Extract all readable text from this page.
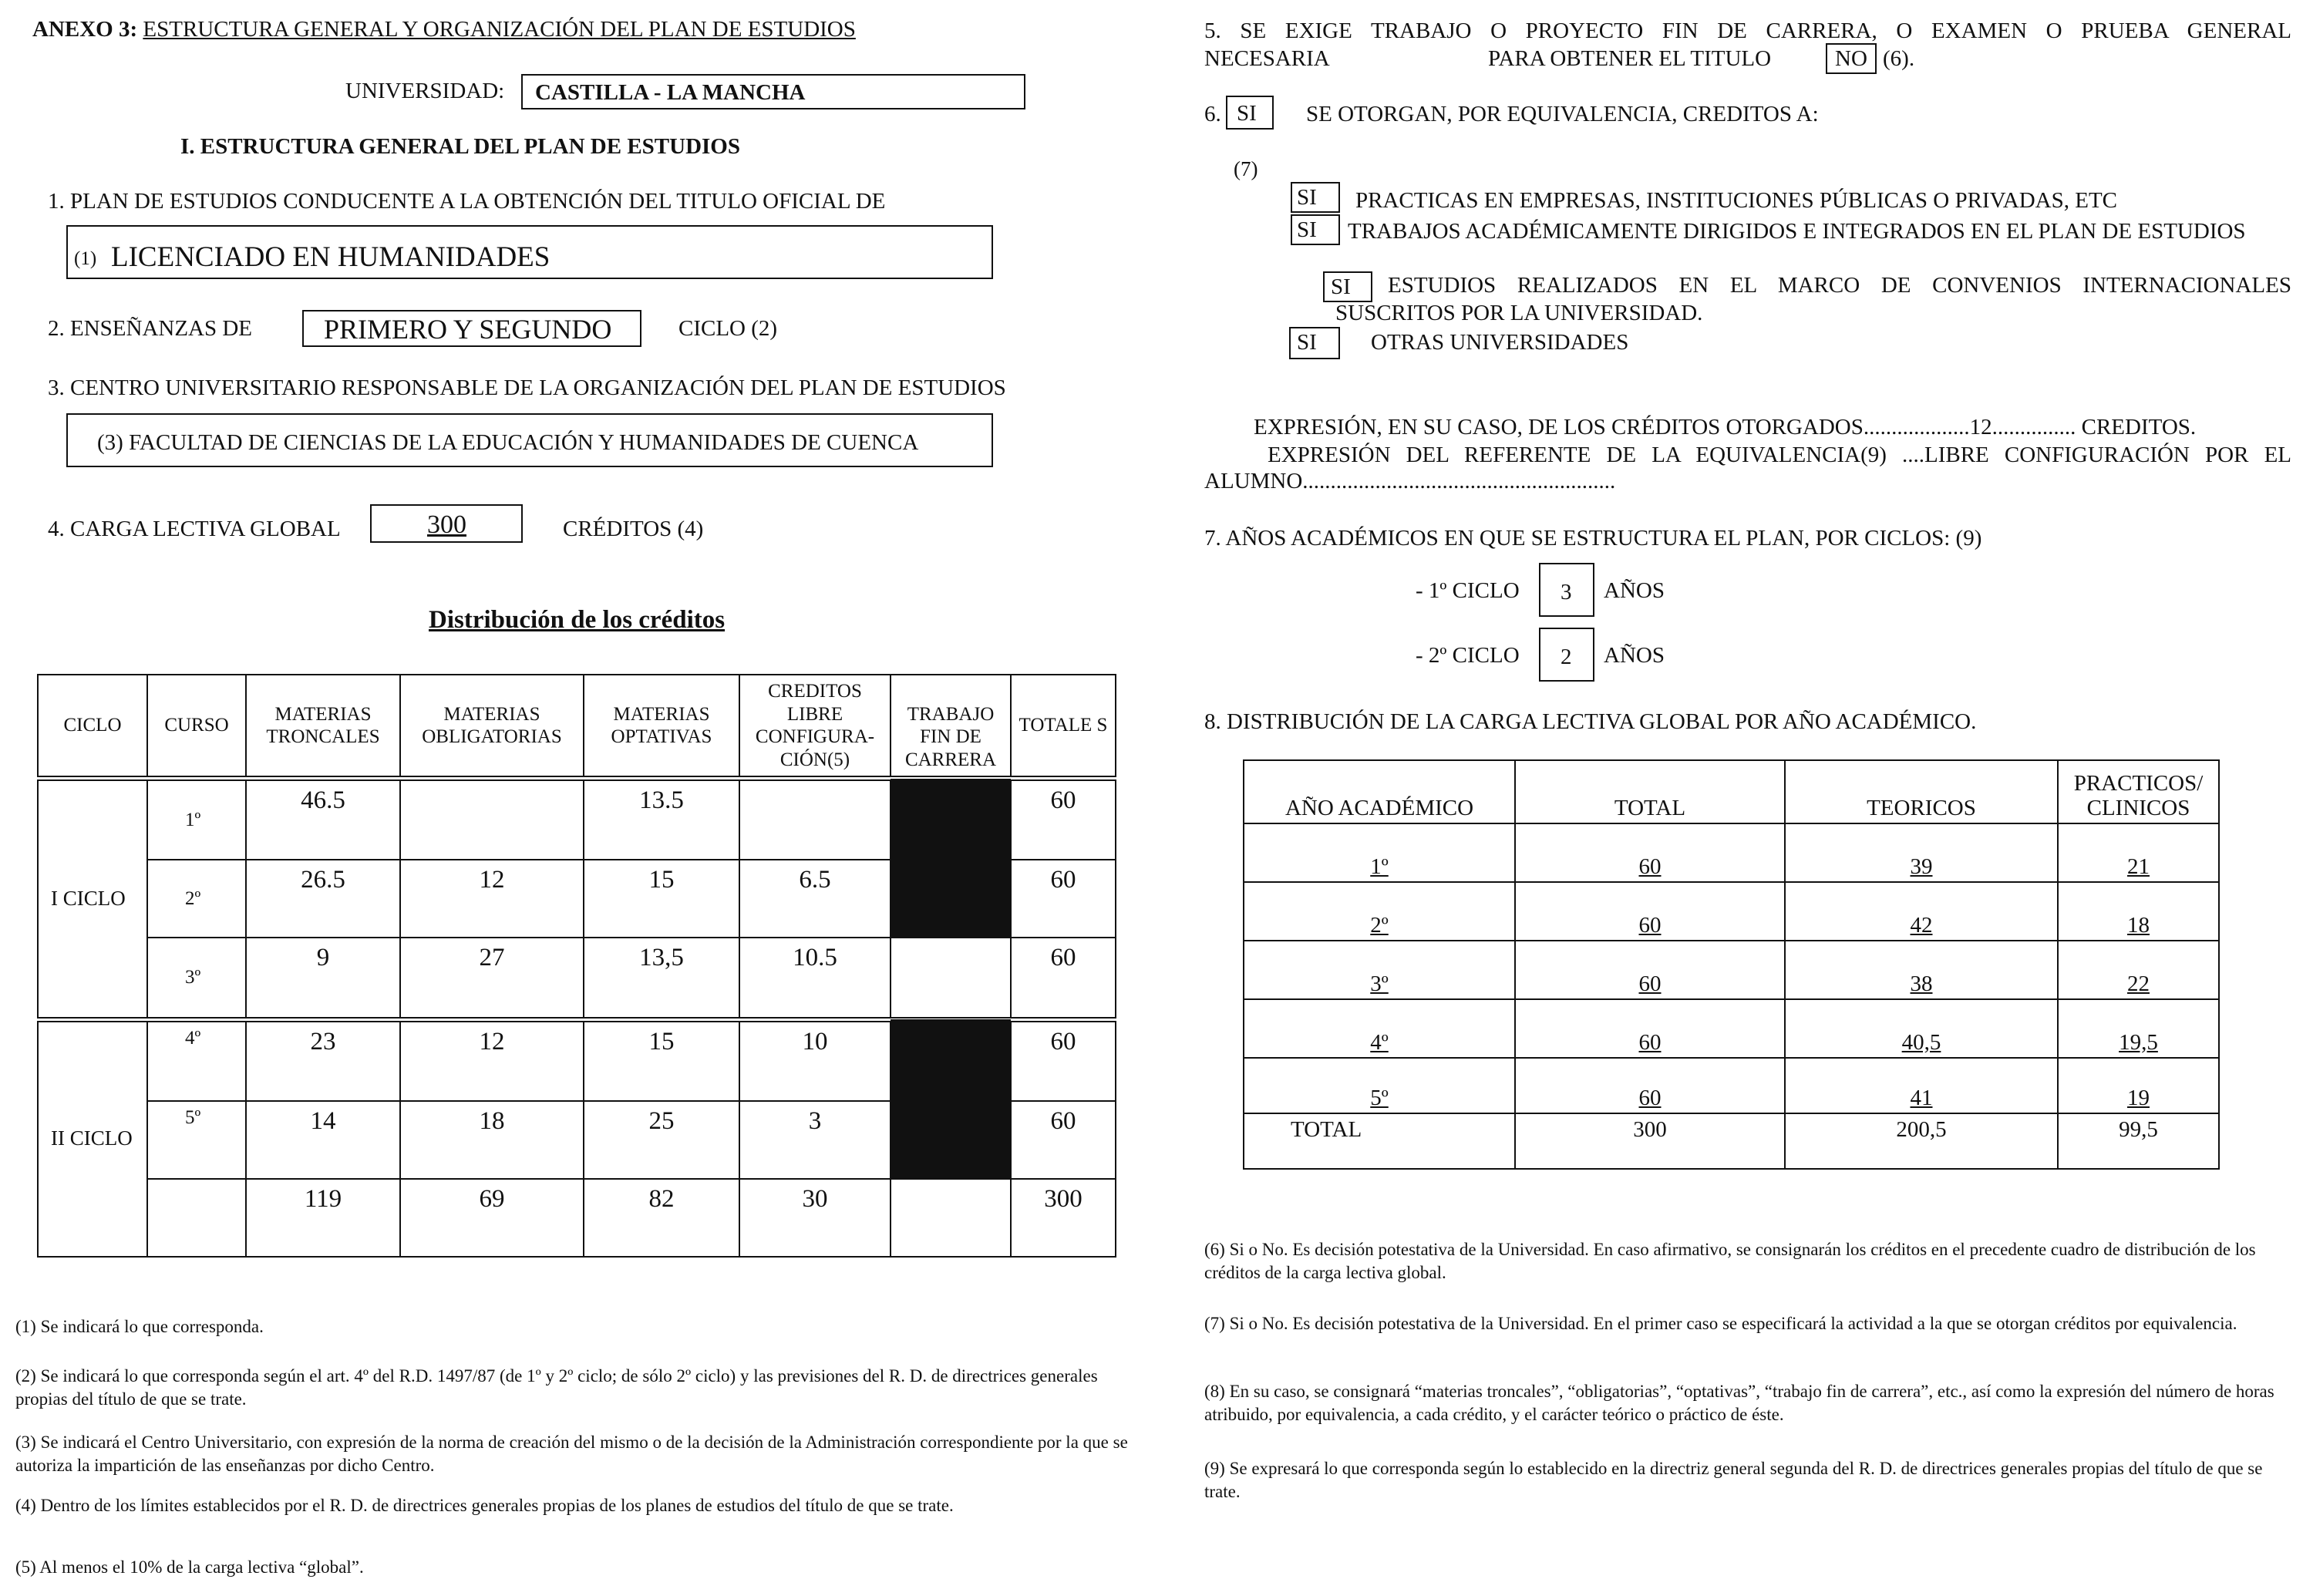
ANEXO 3: ESTRUCTURA GENERAL Y ORGANIZACIÓN DEL PLAN DE ESTUDIOS
UNIVERSIDAD: CASTILLA - LA MANCHA
I. ESTRUCTURA GENERAL DEL PLAN DE ESTUDIOS
1. PLAN DE ESTUDIOS CONDUCENTE A LA OBTENCIÓN DEL TITULO OFICIAL DE
(1) LICENCIADO EN HUMANIDADES
2. ENSEÑANZAS DE	PRIMERO Y SEGUNDO	CICLO (2)
3. CENTRO UNIVERSITARIO RESPONSABLE DE LA ORGANIZACIÓN DEL PLAN DE ESTUDIOS
(3) FACULTAD DE CIENCIAS DE LA EDUCACIÓN Y HUMANIDADES DE CUENCA
4. CARGA LECTIVA GLOBAL	300	CRÉDITOS (4)
Distribución de los créditos
CICLO	CURSO	MATERIAS TRONCALES	MATERIAS OBLIGATORIAS	MATERIAS OPTATIVAS	CREDITOS LIBRE CONFIGURA-CIÓN(5)	TRABAJO FIN DE CARRERA	TOTALE S
I CICLO	1º	46.5		13.5			60
	2º	26.5	12	15	6.5		60
	3º	9	27	13,5	10.5		60
II CICLO	4º	23	12	15	10		60
	5º	14	18	25	3		60
		119	69	82	30		300
(1) Se indicará lo que corresponda.
(2) Se indicará lo que corresponda según el art. 4º del R.D. 1497/87 (de 1º y 2º ciclo; de sólo 2º ciclo) y las previsiones del R. D. de directrices generales propias del título de que se trate.
(3) Se indicará el Centro Universitario, con expresión de la norma de creación del mismo o de la decisión de la Administración correspondiente por la que se autoriza la impartición de las enseñanzas por dicho Centro.
(4) Dentro de los límites establecidos por el R. D. de directrices generales propias de los planes de estudios del título de que se trate.
(5) Al menos el 10% de la carga lectiva “global”.
5. SE EXIGE TRABAJO O PROYECTO FIN DE CARRERA, O EXAMEN O PRUEBA GENERAL
NECESARIA	PARA OBTENER EL TITULO	NO (6).
6. SI SE OTORGAN, POR EQUIVALENCIA, CREDITOS A:
(7)
SI PRACTICAS EN EMPRESAS, INSTITUCIONES PÚBLICAS O PRIVADAS, ETC
SI TRABAJOS ACADÉMICAMENTE DIRIGIDOS E INTEGRADOS EN EL PLAN DE ESTUDIOS
SI ESTUDIOS REALIZADOS EN EL MARCO DE CONVENIOS INTERNACIONALES
SUSCRITOS POR LA UNIVERSIDAD.
SI OTRAS UNIVERSIDADES
EXPRESIÓN, EN SU CASO, DE LOS CRÉDITOS OTORGADOS...................12............... CREDITOS.
EXPRESIÓN DEL REFERENTE DE LA EQUIVALENCIA(9) ....LIBRE CONFIGURACIÓN POR EL
ALUMNO........................................................
7. AÑOS ACADÉMICOS EN QUE SE ESTRUCTURA EL PLAN, POR CICLOS: (9)
- 1º CICLO 3 AÑOS
- 2º CICLO 2 AÑOS
8. DISTRIBUCIÓN DE LA CARGA LECTIVA GLOBAL POR AÑO ACADÉMICO.
AÑO ACADÉMICO	TOTAL	TEORICOS	PRACTICOS/ CLINICOS
1º	60	39	21
2º	60	42	18
3º	60	38	22
4º	60	40,5	19,5
5º	60	41	19
TOTAL	300	200,5	99,5
(6) Si o No. Es decisión potestativa de la Universidad. En caso afirmativo, se consignarán los créditos en el precedente cuadro de distribución de los créditos de la carga lectiva global.
(7) Si o No. Es decisión potestativa de la Universidad. En el primer caso se especificará la actividad a la que se otorgan créditos por equivalencia.
(8) En su caso, se consignará “materias troncales”, “obligatorias”, “optativas”, “trabajo fin de carrera”, etc., así como la expresión del número de horas atribuido, por equivalencia, a cada crédito, y el carácter teórico o práctico de éste.
(9) Se expresará lo que corresponda según lo establecido en la directriz general segunda del R. D. de directrices generales propias del título de que se trate.
